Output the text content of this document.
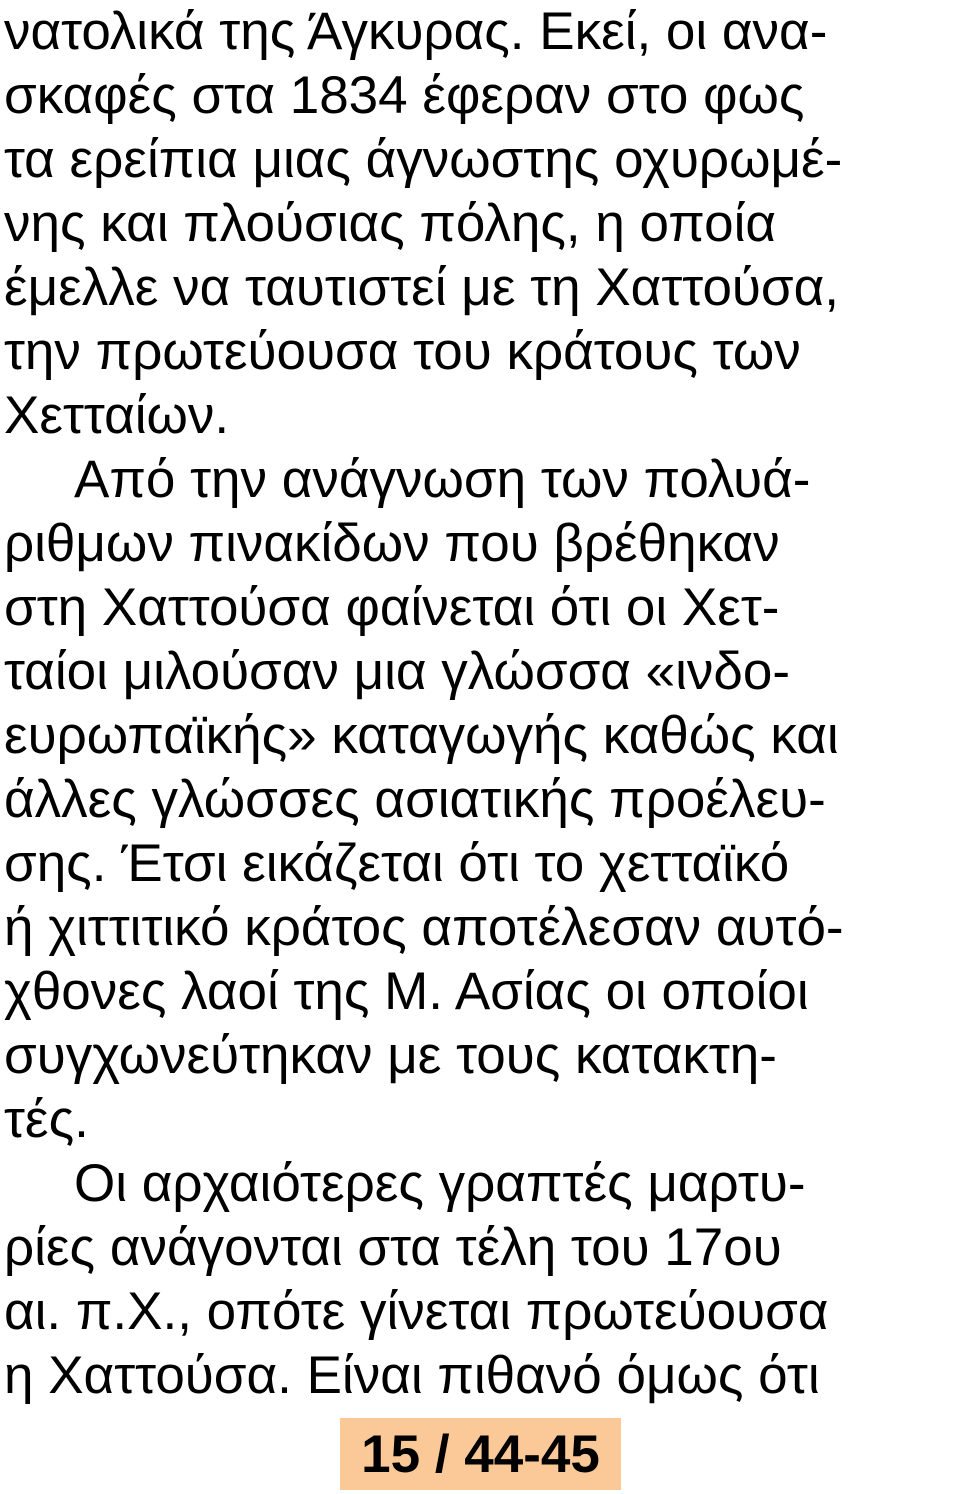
νατολικά της Άγκυρας. Εκεί, οι ανα-
σκαφές στα 1834 έφεραν στο φως
τα ερείπια μιας άγνωστης οχυρωμέ-
νης και πλούσιας πόλης, η οποία
έμελλε να ταυτιστεί με τη Χαττούσα,
την πρωτεύουσα του κράτους των
Χετταίων.
Από την ανάγνωση των πολυά-
ριθμων πινακίδων που βρέθηκαν
στη Χαττούσα φαίνεται ότι οι Χετ-
ταίοι μιλούσαν μια γλώσσα «ινδο-
ευρωπαϊκής» καταγωγής καθώς και
άλλες γλώσσες ασιατικής προέλευ-
σης. Έτσι εικάζεται ότι το χετταϊκό
ή χιττιτικό κράτος αποτέλεσαν αυτό-
χθονες λαοί της Μ. Ασίας οι οποίοι
συγχωνεύτηκαν με τους κατακτη-
τές.
Οι αρχαιότερες γραπτές μαρτυ-
ρίες ανάγονται στα τέλη του 17ου
αι. π.Χ., οπότε γίνεται πρωτεύουσα
η Χαττούσα. Είναι πιθανό όμως ότι
15 / 44-45
